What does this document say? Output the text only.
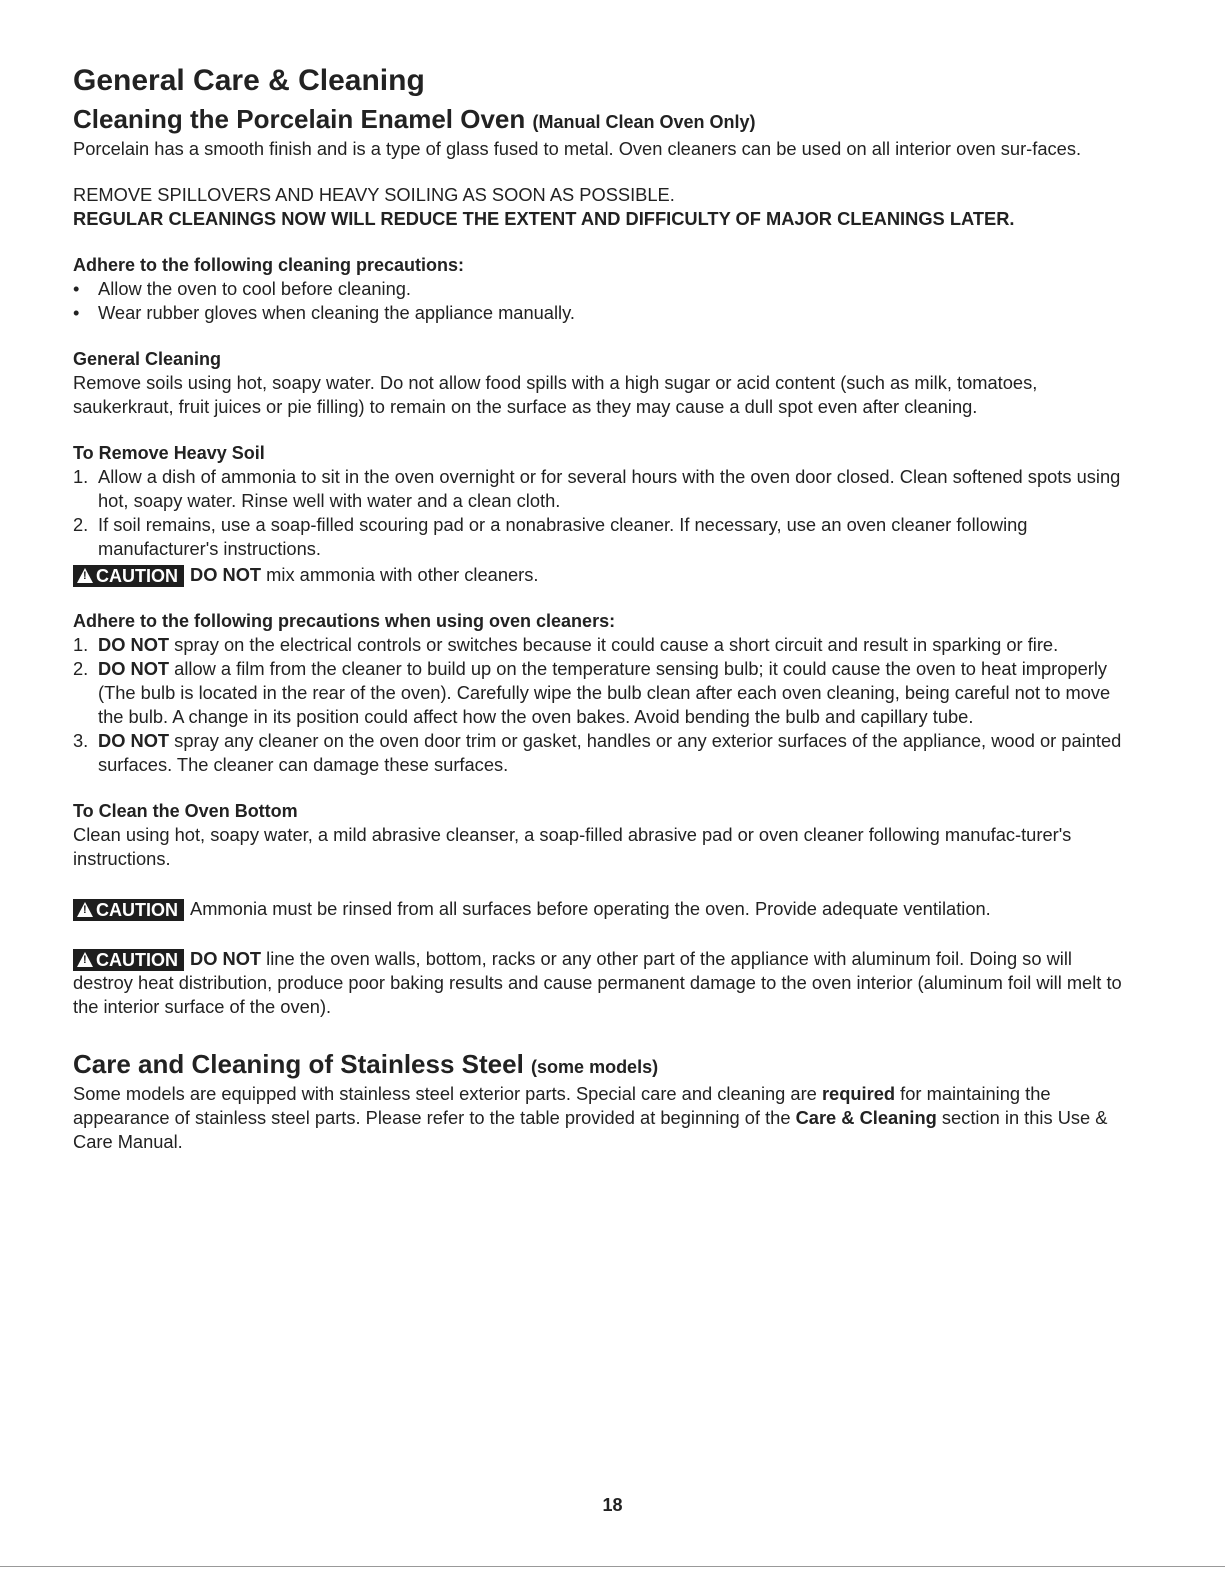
General Care & Cleaning
Cleaning the Porcelain Enamel Oven (Manual Clean Oven Only)

Porcelain has a smooth finish and is a type of glass fused to metal. Oven cleaners can be used on all interior oven sur-faces.

REMOVE SPILLOVERS AND HEAVY SOILING AS SOON AS POSSIBLE.

REGULAR CLEANINGS NOW WILL REDUCE THE EXTENT AND DIFFICULTY OF MAJOR CLEANINGS LATER.

Adhere to the following cleaning precautions:

• Allow the oven to cool before cleaning.
• Wear rubber gloves when cleaning the appliance manually.

General Cleaning

Remove soils using hot, soapy water. Do not allow food spills with a high sugar or acid content (such as milk, tomatoes, saukerkraut, fruit juices or pie filling) to remain on the surface as they may cause a dull spot even after cleaning.

To Remove Heavy Soil

1. Allow a dish of ammonia to sit in the oven overnight or for several hours with the oven door closed. Clean softened spots using hot, soapy water. Rinse well with water and a clean cloth.
2. If soil remains, use a soap-filled scouring pad or a nonabrasive cleaner. If necessary, use an oven cleaner following manufacturer's instructions.

!CAUTION DO NOT mix ammonia with other cleaners.

Adhere to the following precautions when using oven cleaners:

1. DO NOT spray on the electrical controls or switches because it could cause a short circuit and result in sparking or fire.
2. DO NOT allow a film from the cleaner to build up on the temperature sensing bulb; it could cause the oven to heat improperly (The bulb is located in the rear of the oven). Carefully wipe the bulb clean after each oven cleaning, being careful not to move the bulb. A change in its position could affect how the oven bakes. Avoid bending the bulb and capillary tube.
3. DO NOT spray any cleaner on the oven door trim or gasket, handles or any exterior surfaces of the appliance, wood or painted surfaces. The cleaner can damage these surfaces.

To Clean the Oven Bottom

Clean using hot, soapy water, a mild abrasive cleanser, a soap-filled abrasive pad or oven cleaner following manufac-turer's instructions.

!CAUTION Ammonia must be rinsed from all surfaces before operating the oven. Provide adequate ventilation.

!CAUTION DO NOT line the oven walls, bottom, racks or any other part of the appliance with aluminum foil. Doing so will destroy heat distribution, produce poor baking results and cause permanent damage to the oven interior (aluminum foil will melt to the interior surface of the oven).

Care and Cleaning of Stainless Steel (some models)

Some models are equipped with stainless steel exterior parts. Special care and cleaning are required for maintaining the appearance of stainless steel parts. Please refer to the table provided at beginning of the Care & Cleaning section in this Use & Care Manual.

18
